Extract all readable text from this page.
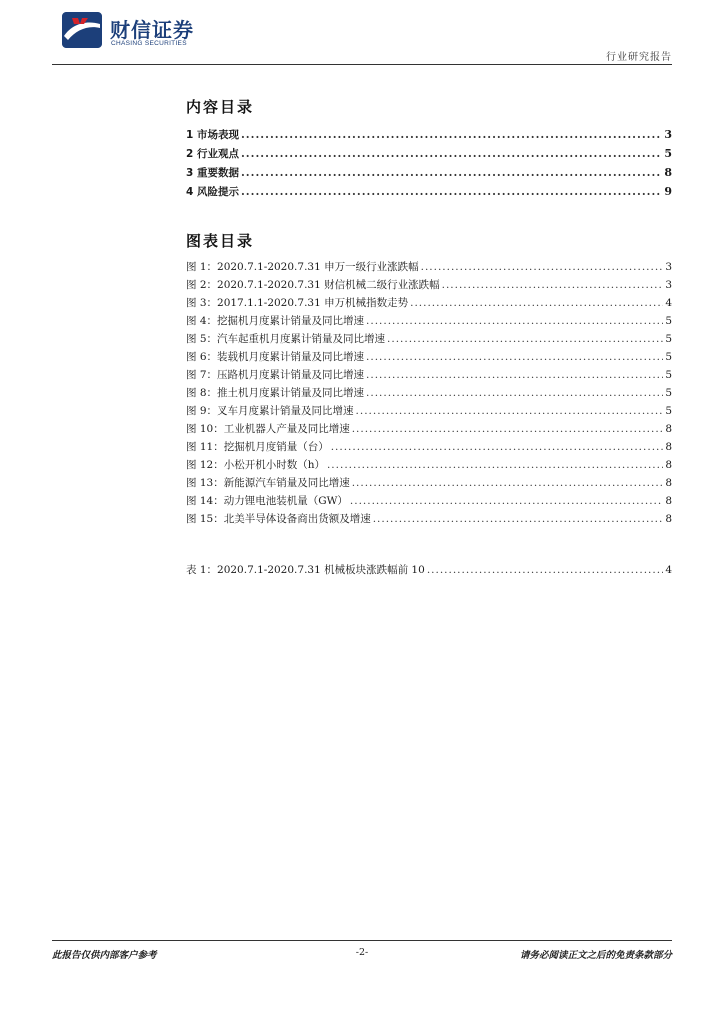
财信证券
CHASING SECURITIES
行业研究报告
内容目录
1 市场表现 .....	3
2 行业观点 .....	5
3 重要数据 .....	8
4 风险提示 .....	9
图表目录
图 1：2020.7.1-2020.7.31 申万一级行业涨跌幅 .....	3
图 2：2020.7.1-2020.7.31 财信机械二级行业涨跌幅 .....	3
图 3：2017.1.1-2020.7.31 申万机械指数走势 .....	4
图 4：挖掘机月度累计销量及同比增速 .....	5
图 5：汽车起重机月度累计销量及同比增速 .....	5
图 6：装载机月度累计销量及同比增速 .....	5
图 7：压路机月度累计销量及同比增速 .....	5
图 8：推土机月度累计销量及同比增速 .....	5
图 9：叉车月度累计销量及同比增速 .....	5
图 10：工业机器人产量及同比增速 .....	8
图 11：挖掘机月度销量（台） .....	8
图 12：小松开机小时数（h） .....	8
图 13：新能源汽车销量及同比增速 .....	8
图 14：动力锂电池装机量（GW） .....	8
图 15：北美半导体设备商出货额及增速 .....	8
表 1：2020.7.1-2020.7.31 机械板块涨跌幅前 10 .....	4
此报告仅供内部客户参考	-2-	请务必阅读正文之后的免责条款部分
